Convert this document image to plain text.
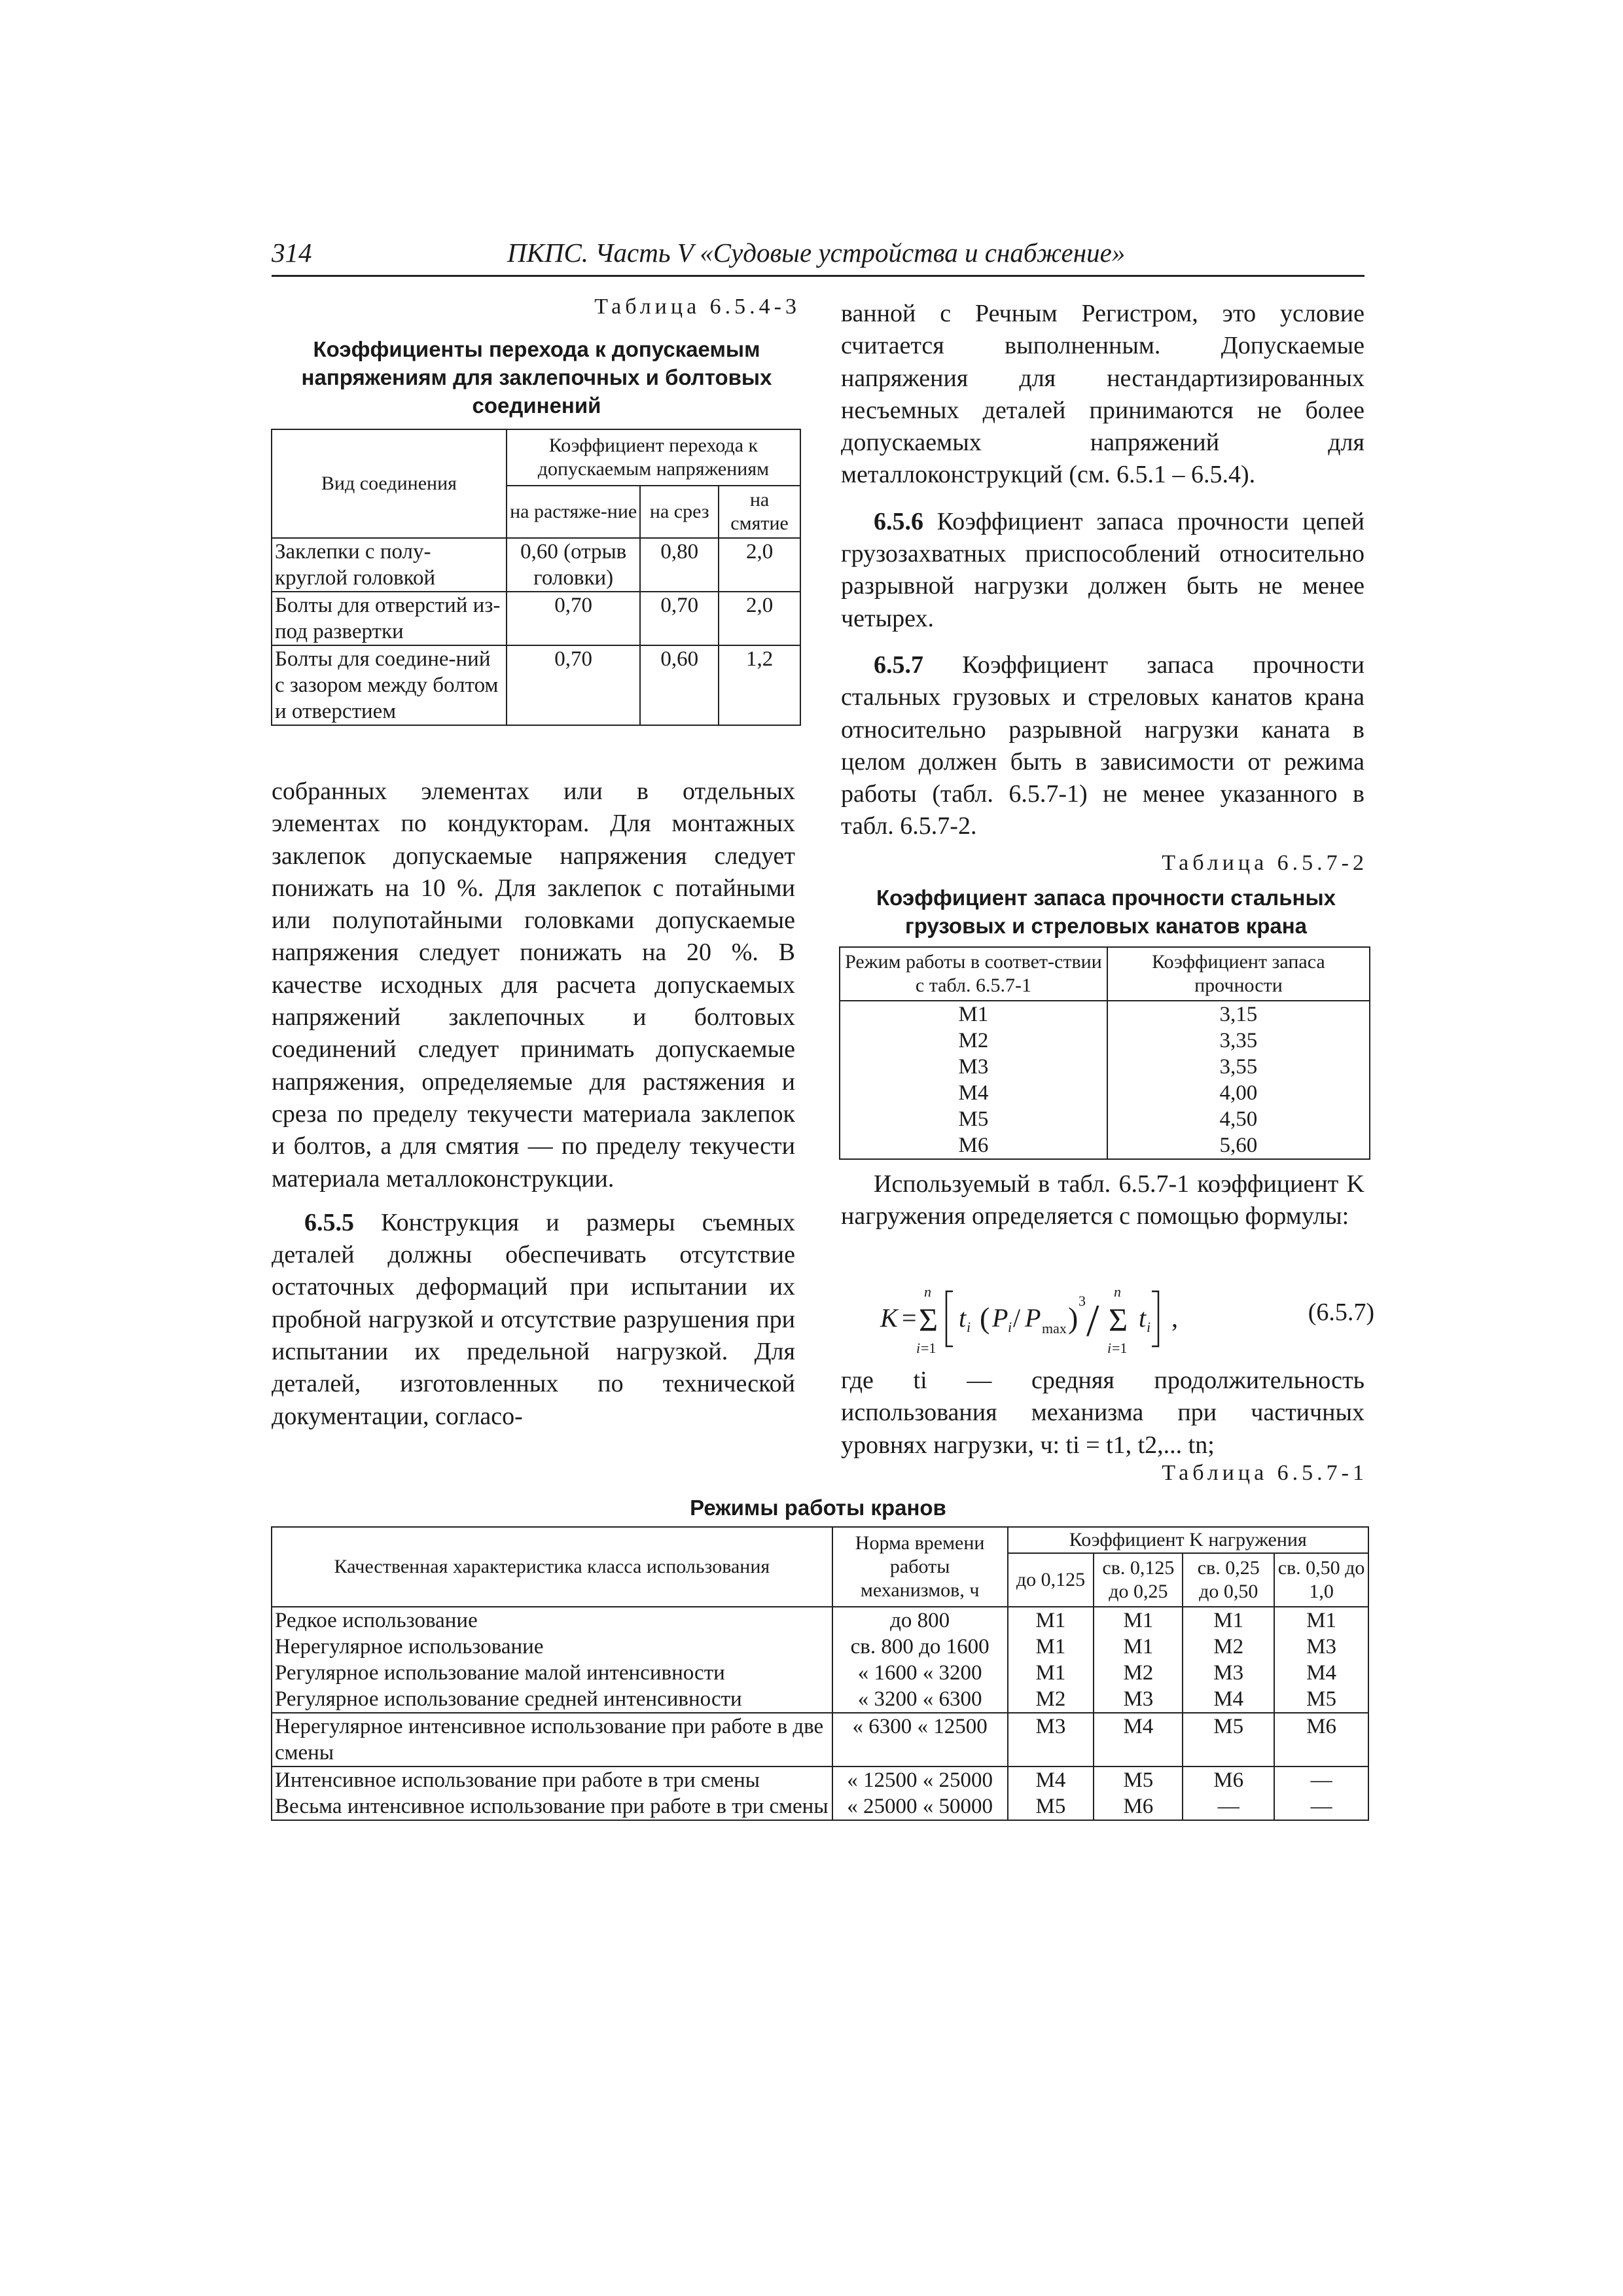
314	ПКПС. Часть V «Судовые устройства и снабжение»
Таблица 6.5.4-3
Коэффициенты перехода к допускаемым напряжениям для заклепочных и болтовых соединений
Вид соединения	Коэффициент перехода к допускаемым напряжениям		
	на растяже-ние	на срез	на смятие
Заклепки с полу-круглой головкой	0,60 (отрыв головки)	0,80	2,0
Болты для отверстий из-под развертки	0,70	0,70	2,0
Болты для соедине-ний с зазором между болтом и отверстием	0,70	0,60	1,2

собранных элементах или в отдельных элементах по кондукторам. Для монтажных заклепок допускаемые напряжения следует понижать на 10 %. Для заклепок с потайными или полупотайными головками допускаемые напряжения следует понижать на 20 %. В качестве исходных для расчета допускаемых напряжений заклепочных и болтовых соединений следует принимать допускаемые напряжения, определяемые для растяжения и среза по пределу текучести материала заклепок и болтов, а для смятия — по пределу текучести материала металлоконструкции.

6.5.5 Конструкция и размеры съемных деталей должны обеспечивать отсутствие остаточных деформаций при испытании их пробной нагрузкой и отсутствие разрушения при испытании их предельной нагрузкой. Для деталей, изготовленных по технической документации, согласо-

ванной с Речным Регистром, это условие считается выполненным. Допускаемые напряжения для нестандартизированных несъемных деталей принимаются не более допускаемых напряжений для металлоконструкций (см. 6.5.1 – 6.5.4).

6.5.6 Коэффициент запаса прочности цепей грузозахватных приспособлений относительно разрывной нагрузки должен быть не менее четырех.

6.5.7 Коэффициент запаса прочности стальных грузовых и стреловых канатов крана относительно разрывной нагрузки каната в целом должен быть в зависимости от режима работы (табл. 6.5.7-1) не менее указанного в табл. 6.5.7-2.

Таблица 6.5.7-2
Коэффициент запаса прочности стальных грузовых и стреловых канатов крана
Режим работы в соответ-ствии с табл. 6.5.7-1	Коэффициент запаса прочности
М1	3,15
М2	3,35
М3	3,55
М4	4,00
М5	4,50
М6	5,60

Используемый в табл. 6.5.7-1 коэффициент K нагружения определяется с помощью формулы:

K =
n
Σ
i =1
t i ( P i / P max )
3 /
n
Σ
i =1
t i ,	(6.5.7)

где ti — средняя продолжительность использования механизма при частичных уровнях нагрузки, ч: ti = t1, t2,... tn;

Таблица 6.5.7-1
Режимы работы кранов
Качественная характеристика класса использования	Норма времени работы механизмов, ч	Коэффициент K нагружения			
		до 0,125	св. 0,125 до 0,25	св. 0,25 до 0,50	св. 0,50 до 1,0
Редкое использование	до 800	М1	М1	М1	М1
Нерегулярное использование	св. 800 до 1600	М1	М1	М2	М3
Регулярное использование малой интенсивности	« 1600 « 3200	М1	М2	М3	М4
Регулярное использование средней интенсивности	« 3200 « 6300	М2	М3	М4	М5
Нерегулярное интенсивное использование при работе в две смены	« 6300 « 12500	М3	М4	М5	М6
Интенсивное использование при работе в три смены	« 12500 « 25000	М4	М5	М6	—
Весьма интенсивное использование при работе в три смены	« 25000 « 50000	М5	М6	—	—
